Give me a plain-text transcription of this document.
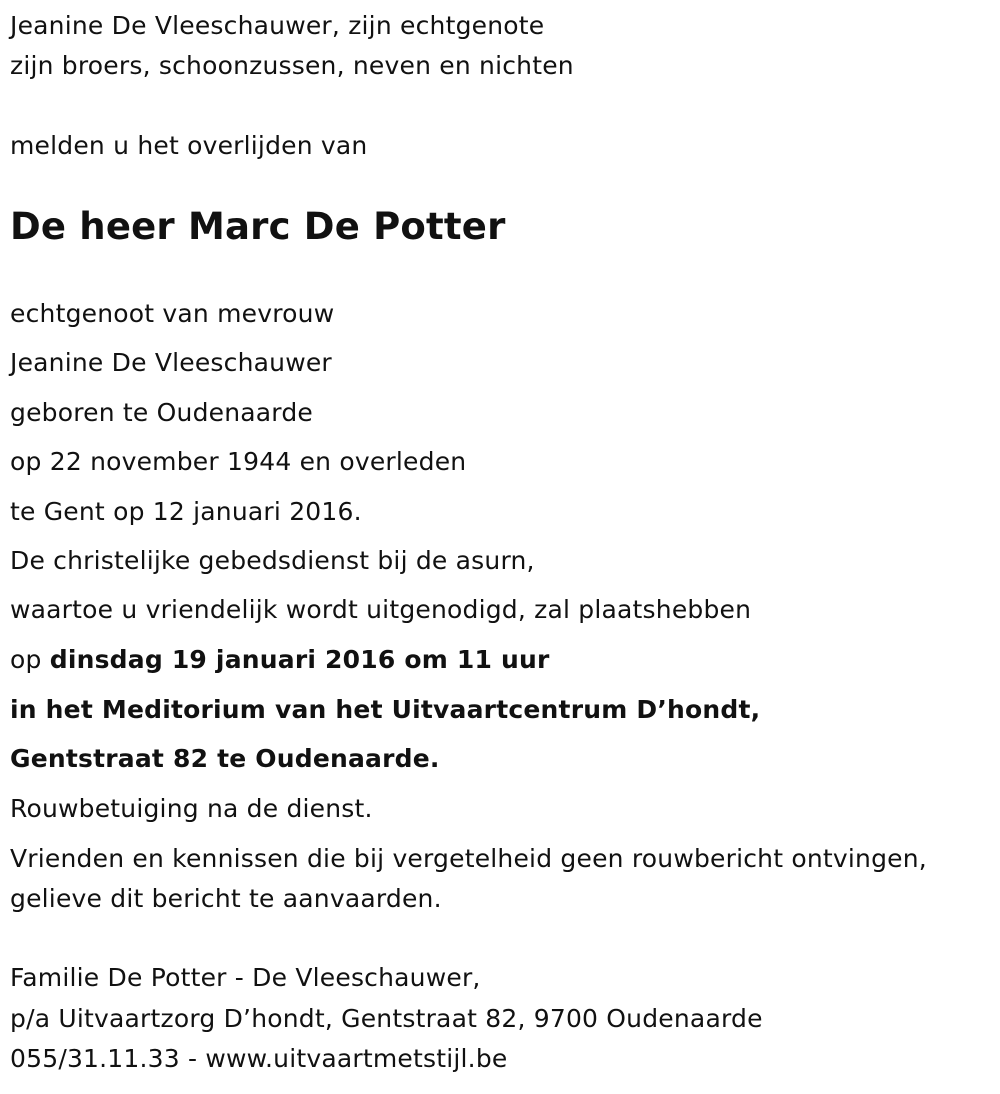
Jeanine De Vleeschauwer, zijn echtgenote
zijn broers, schoonzussen, neven en nichten
melden u het overlijden van
De heer Marc De Potter
echtgenoot van mevrouw
Jeanine De Vleeschauwer
geboren te Oudenaarde
op 22 november 1944 en overleden
te Gent op 12 januari 2016.
De christelijke gebedsdienst bij de asurn,
waartoe u vriendelijk wordt uitgenodigd, zal plaatshebben
op dinsdag 19 januari 2016 om 11 uur
in het Meditorium van het Uitvaartcentrum D’hondt,
Gentstraat 82 te Oudenaarde.
Rouwbetuiging na de dienst.
Vrienden en kennissen die bij vergetelheid geen rouwbericht ontvingen,
gelieve dit bericht te aanvaarden.
Familie De Potter - De Vleeschauwer,
p/a Uitvaartzorg D’hondt, Gentstraat 82, 9700 Oudenaarde
055/31.11.33 - www.uitvaartmetstijl.be
